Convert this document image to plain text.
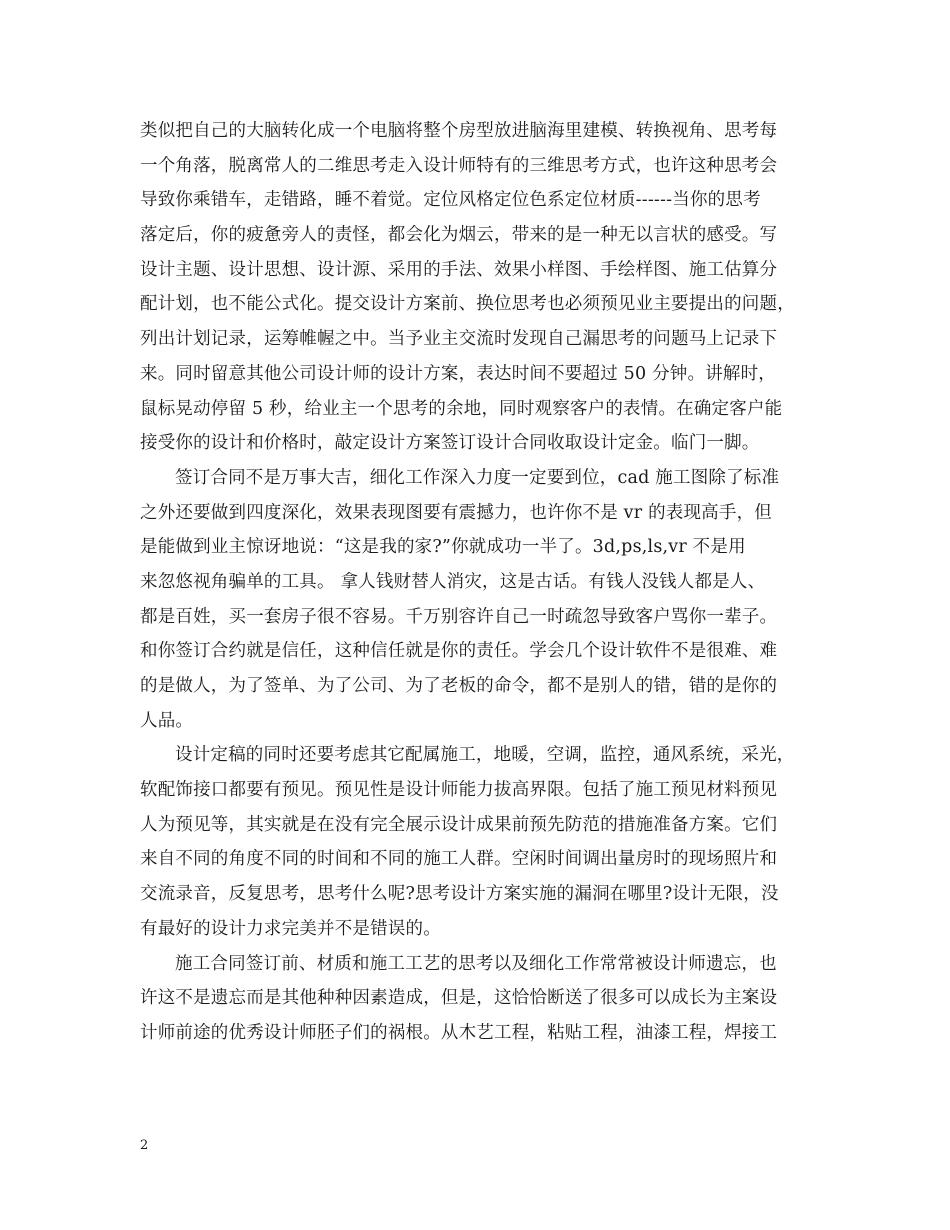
类似把自己的大脑转化成一个电脑将整个房型放进脑海里建模、转换视角、思考每
一个角落，脱离常人的二维思考走入设计师特有的三维思考方式，也许这种思考会
导致你乘错车，走错路，睡不着觉。定位风格定位色系定位材质------当你的思考
落定后，你的疲惫旁人的责怪，都会化为烟云，带来的是一种无以言状的感受。写
设计主题、设计思想、设计源、采用的手法、效果小样图、手绘样图、施工估算分
配计划，也不能公式化。提交设计方案前、换位思考也必须预见业主要提出的问题，
列出计划记录，运筹帷幄之中。当予业主交流时发现自己漏思考的问题马上记录下
来。同时留意其他公司设计师的设计方案，表达时间不要超过 50 分钟。讲解时，
鼠标晃动停留 5 秒，给业主一个思考的余地，同时观察客户的表情。在确定客户能
接受你的设计和价格时，敲定设计方案签订设计合同收取设计定金。临门一脚。
签订合同不是万事大吉，细化工作深入力度一定要到位，cad 施工图除了标准
之外还要做到四度深化，效果表现图要有震撼力，也许你不是 vr 的表现高手，但
是能做到业主惊讶地说：“这是我的家?”你就成功一半了。3d,ps,ls,vr 不是用
来忽悠视角骗单的工具。 拿人钱财替人消灾，这是古话。有钱人没钱人都是人、
都是百姓，买一套房子很不容易。千万别容许自己一时疏忽导致客户骂你一辈子。
和你签订合约就是信任，这种信任就是你的责任。学会几个设计软件不是很难、难
的是做人，为了签单、为了公司、为了老板的命令，都不是别人的错，错的是你的
人品。
设计定稿的同时还要考虑其它配属施工，地暖，空调，监控，通风系统，采光，
软配饰接口都要有预见。预见性是设计师能力拔高界限。包括了施工预见材料预见
人为预见等，其实就是在没有完全展示设计成果前预先防范的措施准备方案。它们
来自不同的角度不同的时间和不同的施工人群。空闲时间调出量房时的现场照片和
交流录音，反复思考，思考什么呢?思考设计方案实施的漏洞在哪里?设计无限，没
有最好的设计力求完美并不是错误的。
施工合同签订前、材质和施工工艺的思考以及细化工作常常被设计师遗忘，也
许这不是遗忘而是其他种种因素造成，但是，这恰恰断送了很多可以成长为主案设
计师前途的优秀设计师胚子们的祸根。从木艺工程，粘贴工程，油漆工程，焊接工
2
